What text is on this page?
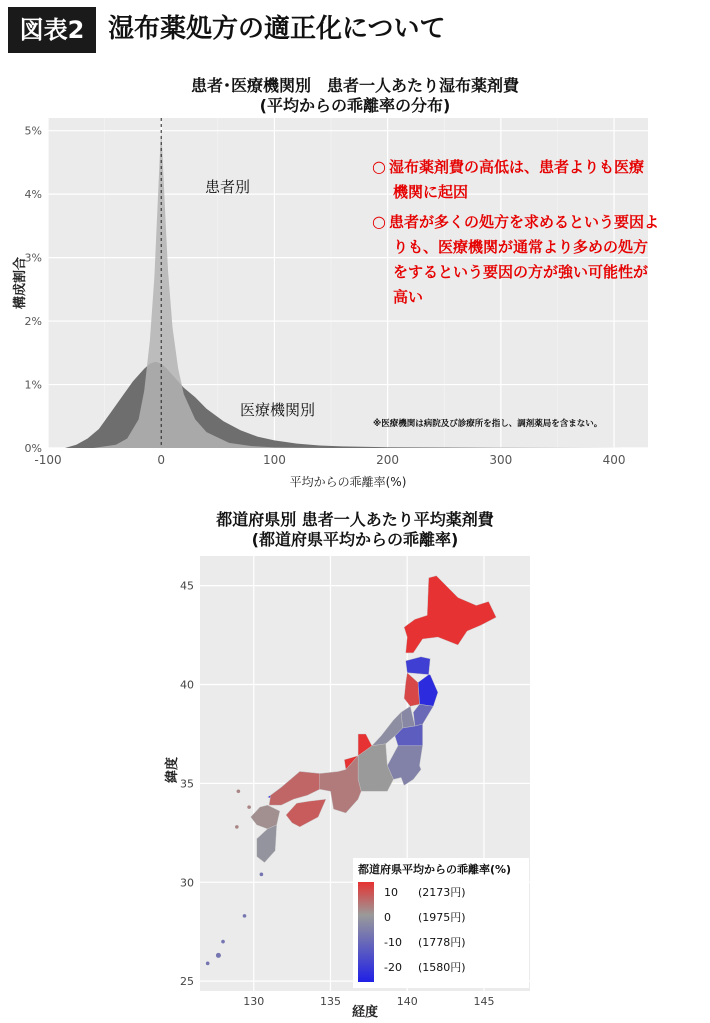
図表2 湿布薬処方の適正化について
患者･医療機関別　患者一人あたり湿布薬剤費
(平均からの乖離率の分布)
-100	0	100	200	300	400
0%
1%
2%
3%
4%
5%
患者別
医療機関別
※医療機関は病院及び診療所を指し、調剤薬局を含まない。
○ 湿布薬剤費の高低は、患者よりも医療
機関に起因
○ 患者が多くの処方を求めるという要因よ
りも、医療機関が通常より多めの処方
をするという要因の方が強い可能性が
高い
平均からの乖離率(%)
構成割合
都道府県別 患者一人あたり平均薬剤費
(都道府県平均からの乖離率)
130	135	140	145
25
30
35
40
45
都道府県平均からの乖離率(%)
10 (2173円)
0 (1975円)
-10 (1778円)
-20 (1580円)
経度
緯度
